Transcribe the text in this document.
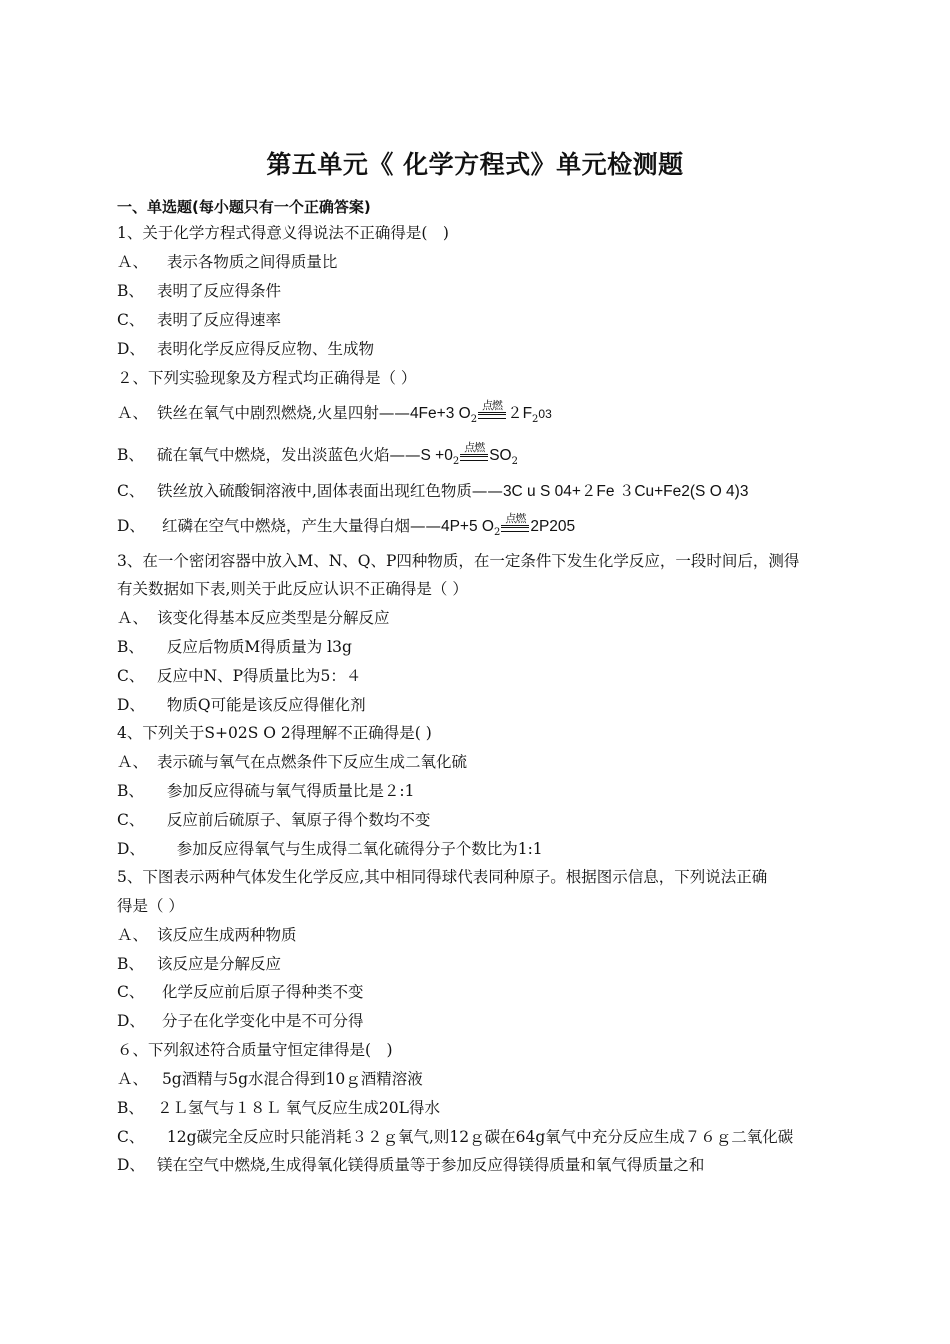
第五单元《 化学方程式》单元检测题
一、单选题(每小题只有一个正确答案)
1、关于化学方程式得意义得说法不正确得是(　)
Ａ、 表示各物质之间得质量比
B、 表明了反应得条件
C、 表明了反应得速率
D、 表明化学反应得反应物、生成物
２、下列实验现象及方程式均正确得是（ ）
Ａ、 铁丝在氧气中剧烈燃烧,火星四射——4Fe+3 $O_2$
点燃 $2F_203$
B、 硫在氧气中燃烧，发出淡蓝色火焰——S $+0_2$
点燃 $SO_2$
C、 铁丝放入硫酸铜溶液中,固体表面出现红色物质——3C u S 04+２Fe ３Cu+Fe2(S O 4)3
D、 红磷在空气中燃烧，产生大量得白烟——4P+5 $O_2$
点燃 2P205
3、在一个密闭容器中放入M、N、Q、P四种物质，在一定条件下发生化学反应，一段时间后，测得
有关数据如下表,则关于此反应认识不正确得是（ ）
Ａ、 该变化得基本反应类型是分解反应
B、 反应后物质M得质量为 l3g
C、 反应中N、P得质量比为5：４
D、 物质Q可能是该反应得催化剂
4、下列关于S+02S O 2得理解不正确得是( )
Ａ、 表示硫与氧气在点燃条件下反应生成二氧化硫
B、 参加反应得硫与氧气得质量比是２:1
C、 反应前后硫原子、氧原子得个数均不变
D、 参加反应得氧气与生成得二氧化硫得分子个数比为1:1
5、下图表示两种气体发生化学反应,其中相同得球代表同种原子。根据图示信息，下列说法正确
得是（ ）
Ａ、 该反应生成两种物质
B、 该反应是分解反应
C、 化学反应前后原子得种类不变
D、 分子在化学变化中是不可分得
６、下列叙述符合质量守恒定律得是(　)
Ａ、 5g酒精与5g水混合得到10ｇ酒精溶液
B、 ２Ｌ氢气与１８Ｌ 氧气反应生成20L得水
C、 12g碳完全反应时只能消耗３２ｇ氧气,则12ｇ碳在64g氧气中充分反应生成７６ｇ二氧化碳
D、 镁在空气中燃烧,生成得氧化镁得质量等于参加反应得镁得质量和氧气得质量之和
